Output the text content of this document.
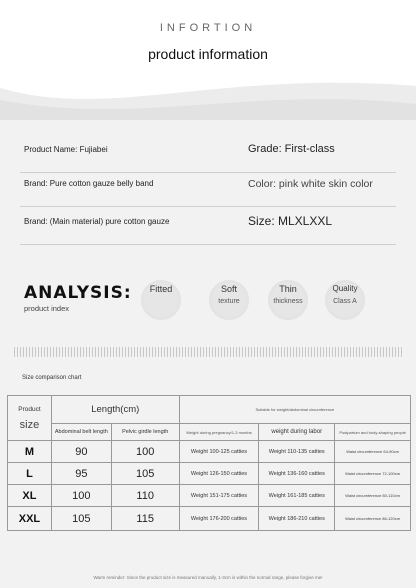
INFORTION
product information
Product Name: Fujiabei	Grade: First-class
Brand: Pure cotton gauze belly band	Color: pink white skin color
Brand: (Main material) pure cotton gauze	Size: MLXLXXL
ANALYSIS:
product index
Fitted	Soft
texture
Thin
thickness
Quality
Class A
Size comparison chart
Product
size	Length(cm)		Suitable for weight/abdominal circumference		
	Abdominal belt length	Pelvic girdle length	Weight during pregnancy/1-3 months	weight during labor	Postpartum and body-shaping people
M	90	100	Weight 100-125 catties	Weight 110-135 catties	Waist circumference 64-90cm
L	95	105	Weight 126-150 catties	Weight 136-160 catties	Waist circumference 72-100cm
XL	100	110	Weight 151-175 catties	Weight 161-185 catties	Waist circumference 80-110cm
XXL	105	115	Weight 176-200 catties	Weight 186-210 catties	Waist circumference 86-120cm
Warm reminder: Since the product size is measured manually, 1-3cm is within the normal range, please forgive me!
